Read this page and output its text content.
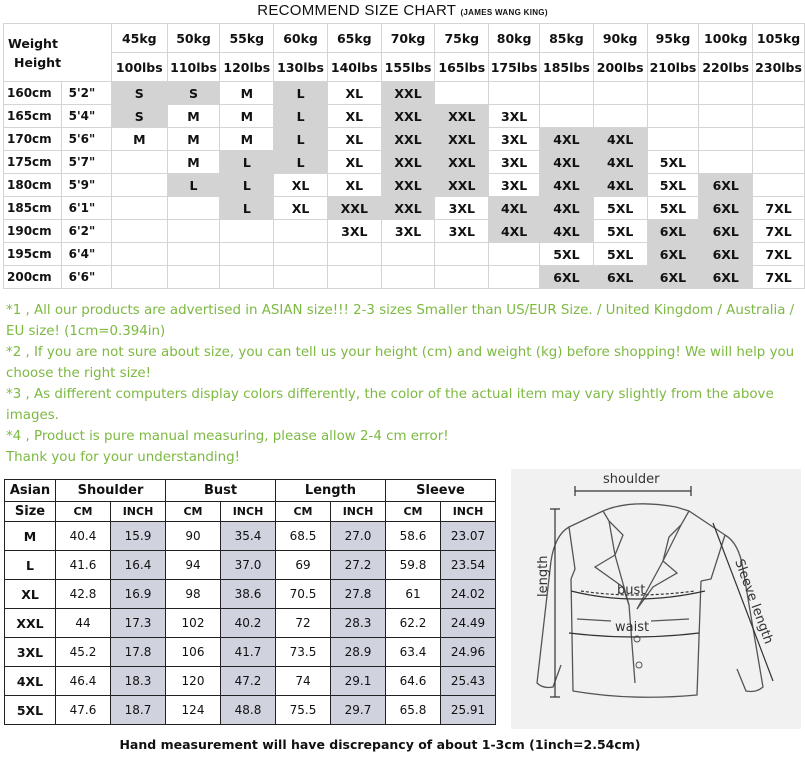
RECOMMEND SIZE CHART (JAMES WANG KING)
Weight
Height		45kg	50kg	55kg	60kg	65kg	70kg	75kg	80kg	85kg	90kg	95kg	100kg	105kg
		100lbs	110lbs	120lbs	130lbs	140lbs	155lbs	165lbs	175lbs	185lbs	200lbs	210lbs	220lbs	230lbs
160cm	5'2"	S	S	M	L	XL	XXL							
165cm	5'4"	S	M	M	L	XL	XXL	XXL	3XL					
170cm	5'6"	M	M	M	L	XL	XXL	XXL	3XL	4XL	4XL			
175cm	5'7"		M	L	L	XL	XXL	XXL	3XL	4XL	4XL	5XL		
180cm	5'9"		L	L	XL	XL	XXL	XXL	3XL	4XL	4XL	5XL	6XL	
185cm	6'1"			L	XL	XXL	XXL	3XL	4XL	4XL	5XL	5XL	6XL	7XL
190cm	6'2"					3XL	3XL	3XL	4XL	4XL	5XL	6XL	6XL	7XL
195cm	6'4"									5XL	5XL	6XL	6XL	7XL
200cm	6'6"									6XL	6XL	6XL	6XL	7XL

*1 , All our products are advertised in ASIAN size!!! 2-3 sizes Smaller than US/EUR Size. / United Kingdom / Australia / EU size! (1cm=0.394in)

*2 , If you are not sure about size, you can tell us your height (cm) and weight (kg) before shopping! We will help you choose the right size!

*3 , As different computers display colors differently, the color of the actual item may vary slightly from the above images.

*4 , Product is pure manual measuring, please allow 2-4 cm error!

Thank you for your understanding!

Asian	Shoulder		Bust		Length		Sleeve	
Size	CM	INCH	CM	INCH	CM	INCH	CM	INCH
M	40.4	15.9	90	35.4	68.5	27.0	58.6	23.07
L	41.6	16.4	94	37.0	69	27.2	59.8	23.54
XL	42.8	16.9	98	38.6	70.5	27.8	61	24.02
XXL	44	17.3	102	40.2	72	28.3	62.2	24.49
3XL	45.2	17.8	106	41.7	73.5	28.9	63.4	24.96
4XL	46.4	18.3	120	47.2	74	29.1	64.6	25.43
5XL	47.6	18.7	124	48.8	75.5	29.7	65.8	25.91
shoulder
length	bust
waist	Sleeve length
Hand measurement will have discrepancy of about 1-3cm (1inch=2.54cm)
